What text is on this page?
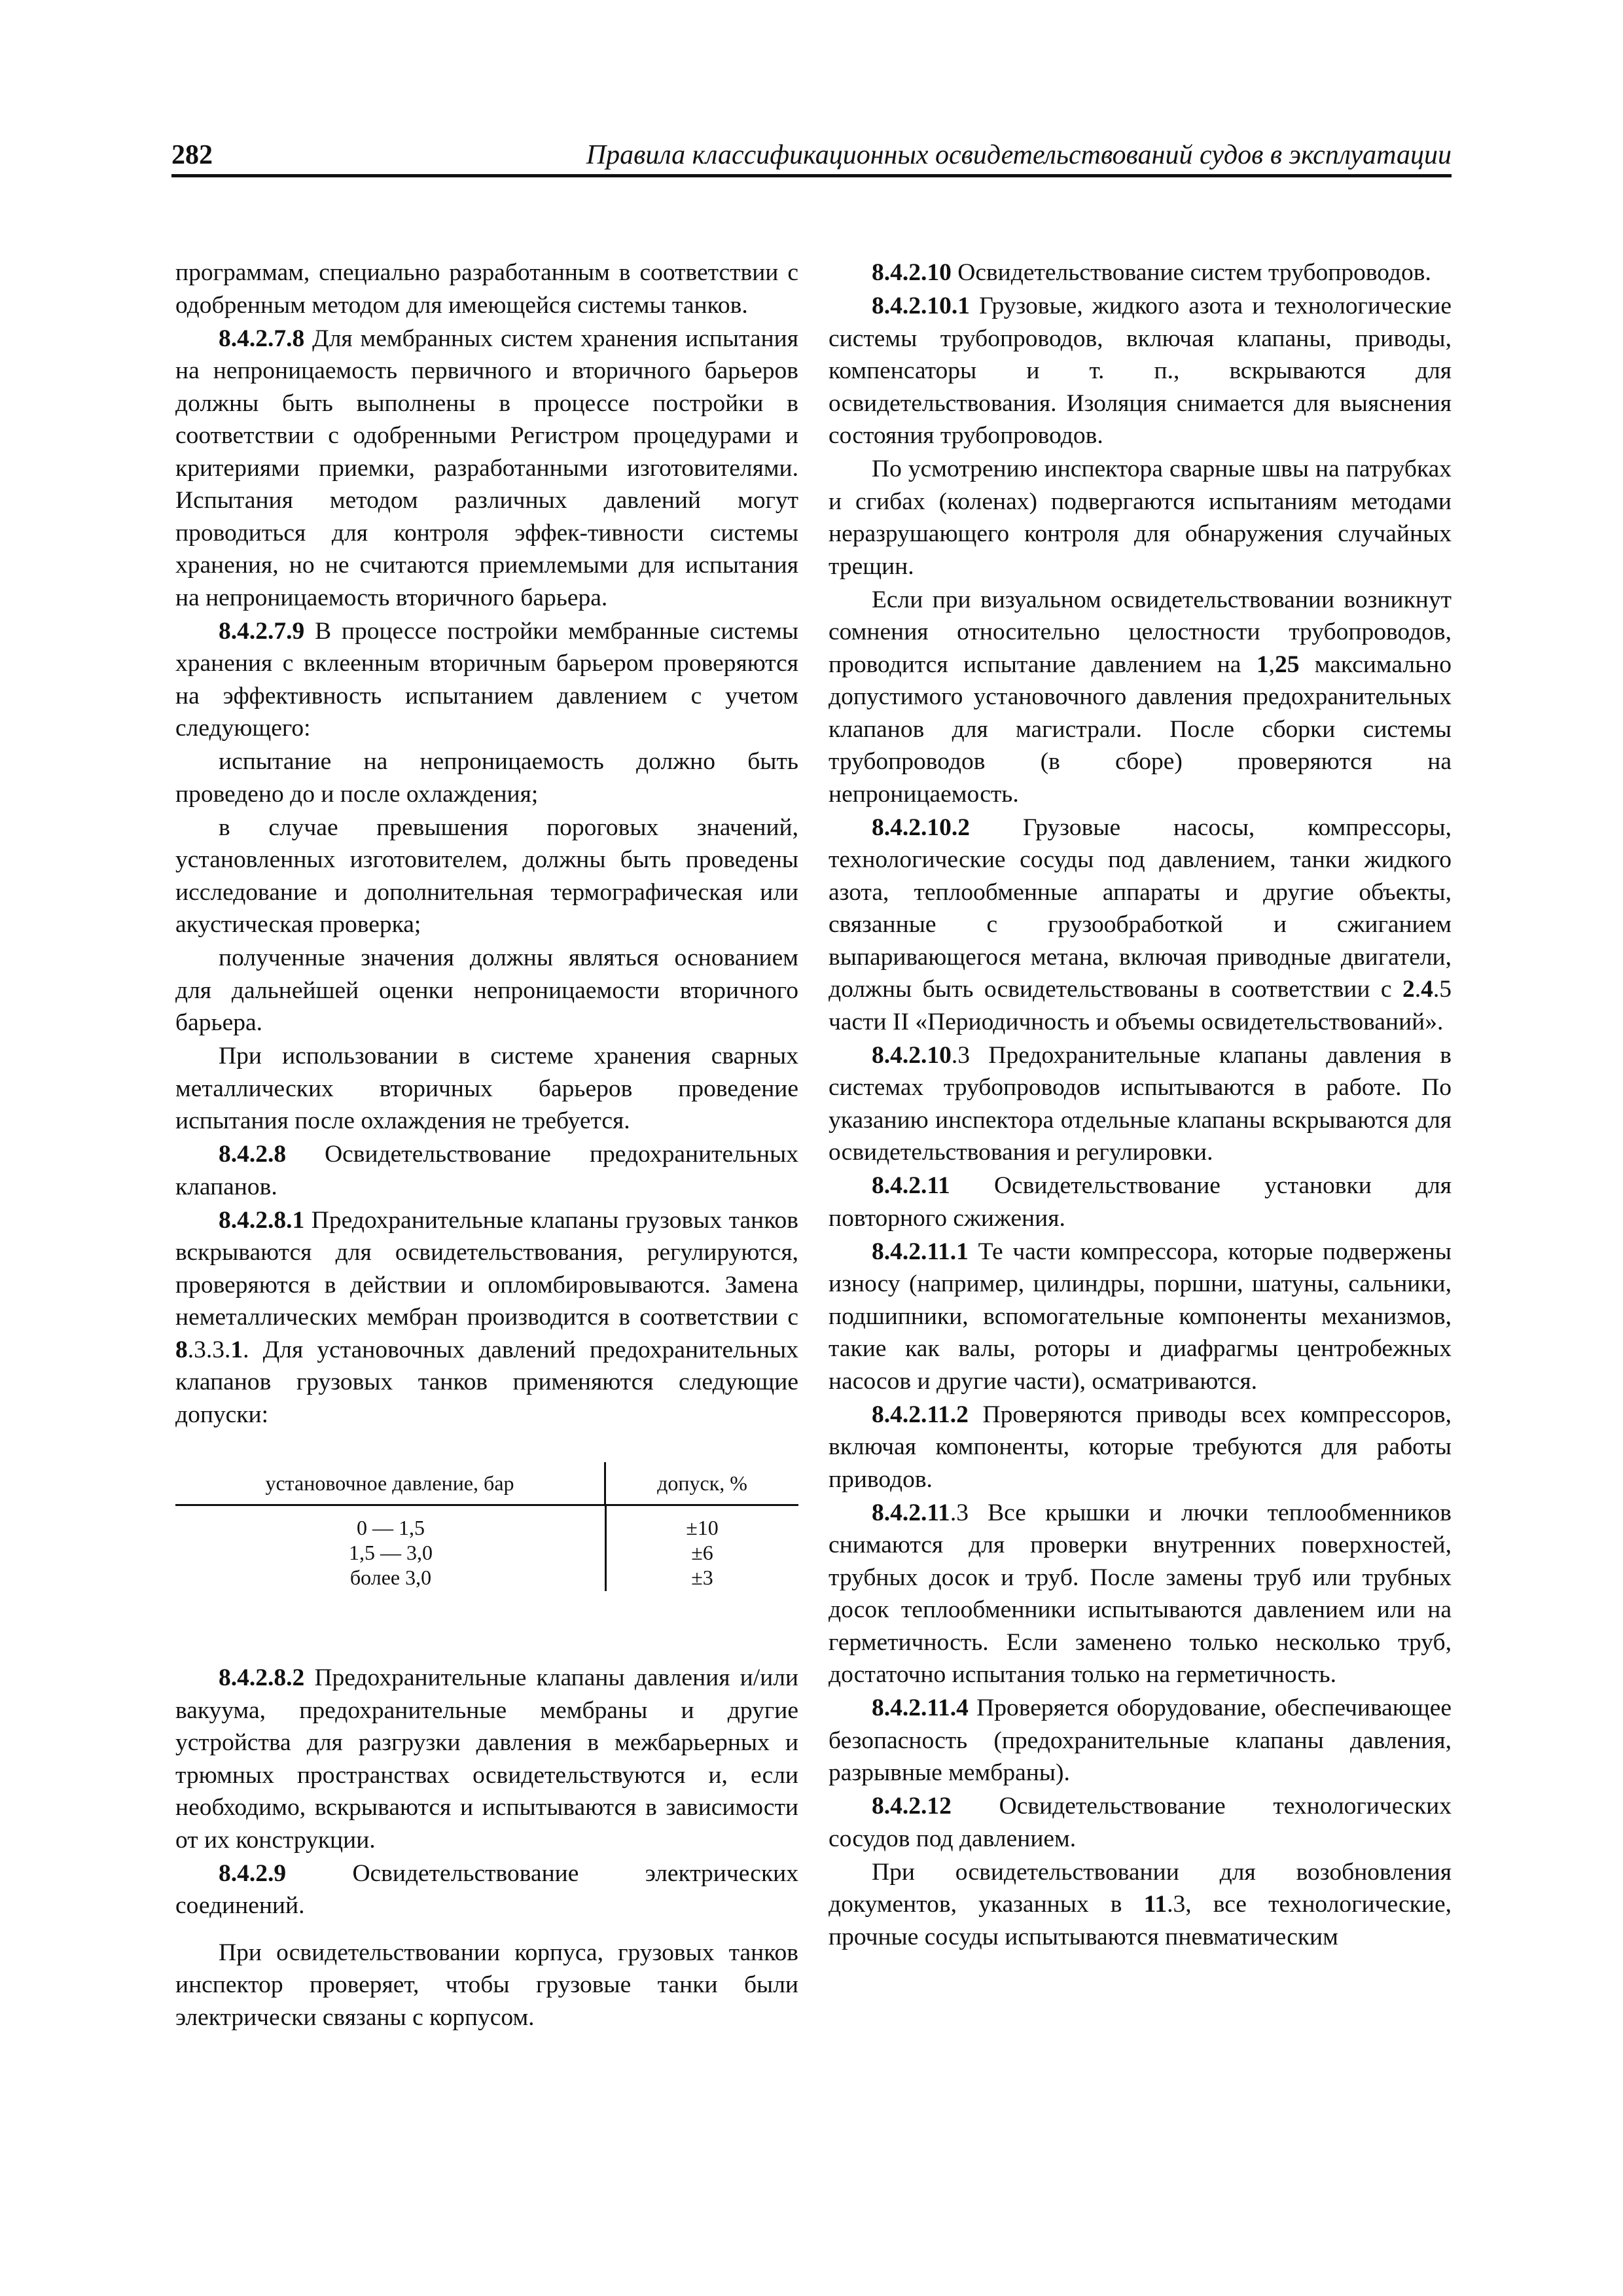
282	Правила классификационных освидетельствований судов в эксплуатации

программам, специально разработанным в соответствии с одобренным методом для имеющейся системы танков.

8.4.2.7.8 Для мембранных систем хранения испытания на непроницаемость первичного и вторичного барьеров должны быть выполнены в процессе постройки в соответствии с одобренными Регистром процедурами и критериями приемки, разработанными изготовителями. Испытания методом различных давлений могут проводиться для контроля эффек-тивности системы хранения, но не считаются приемлемыми для испытания на непроницаемость вторичного барьера.

8.4.2.7.9 В процессе постройки мембранные системы хранения с вклеенным вторичным барьером проверяются на эффективность испытанием давлением с учетом следующего:

испытание на непроницаемость должно быть проведено до и после охлаждения;

в случае превышения пороговых значений, установленных изготовителем, должны быть проведены исследование и дополнительная термографическая или акустическая проверка;

полученные значения должны являться основанием для дальнейшей оценки непроницаемости вторичного барьера.

При использовании в системе хранения сварных металлических вторичных барьеров проведение испытания после охлаждения не требуется.

8.4.2.8 Освидетельствование предохранительных клапанов.

8.4.2.8.1 Предохранительные клапаны грузовых танков вскрываются для освидетельствования, регулируются, проверяются в действии и опломбировываются. Замена неметаллических мембран производится в соответствии с 8.3.3.1. Для установочных давлений предохранительных клапанов грузовых танков применяются следующие допуски:

установочное давление, бар	допуск, %
0 — 1,5	±10
1,5 — 3,0	±6
более 3,0	±3

8.4.2.8.2 Предохранительные клапаны давления и/или вакуума, предохранительные мембраны и другие устройства для разгрузки давления в межбарьерных и трюмных пространствах освидетельствуются и, если необходимо, вскрываются и испытываются в зависимости от их конструкции.

8.4.2.9 Освидетельствование электрических соединений.

При освидетельствовании корпуса, грузовых танков инспектор проверяет, чтобы грузовые танки были электрически связаны с корпусом.

8.4.2.10 Освидетельствование систем трубопроводов.

8.4.2.10.1 Грузовые, жидкого азота и технологические системы трубопроводов, включая клапаны, приводы, компенсаторы и т. п., вскрываются для освидетельствования. Изоляция снимается для выяснения состояния трубопроводов.

По усмотрению инспектора сварные швы на патрубках и сгибах (коленах) подвергаются испытаниям методами неразрушающего контроля для обнаружения случайных трещин.

Если при визуальном освидетельствовании возникнут сомнения относительно целостности трубопроводов, проводится испытание давлением на 1,25 максимально допустимого установочного давления предохранительных клапанов для магистрали. После сборки системы трубопроводов (в сборе) проверяются на непроницаемость.

8.4.2.10.2 Грузовые насосы, компрессоры, технологические сосуды под давлением, танки жидкого азота, теплообменные аппараты и другие объекты, связанные с грузообработкой и сжиганием выпаривающегося метана, включая приводные двигатели, должны быть освидетельствованы в соответствии с 2.4.5 части II «Периодичность и объемы освидетельствований».

8.4.2.10.3 Предохранительные клапаны давления в системах трубопроводов испытываются в работе. По указанию инспектора отдельные клапаны вскрываются для освидетельствования и регулировки.

8.4.2.11 Освидетельствование установки для повторного сжижения.

8.4.2.11.1 Те части компрессора, которые подвержены износу (например, цилиндры, поршни, шатуны, сальники, подшипники, вспомогательные компоненты механизмов, такие как валы, роторы и диафрагмы центробежных насосов и другие части), осматриваются.

8.4.2.11.2 Проверяются приводы всех компрессоров, включая компоненты, которые требуются для работы приводов.

8.4.2.11.3 Все крышки и лючки теплообменников снимаются для проверки внутренних поверхностей, трубных досок и труб. После замены труб или трубных досок теплообменники испытываются давлением или на герметичность. Если заменено только несколько труб, достаточно испытания только на герметичность.

8.4.2.11.4 Проверяется оборудование, обеспечивающее безопасность (предохранительные клапаны давления, разрывные мембраны).

8.4.2.12 Освидетельствование технологических сосудов под давлением.

При освидетельствовании для возобновления документов, указанных в 11.3, все технологические, прочные сосуды испытываются пневматическим
